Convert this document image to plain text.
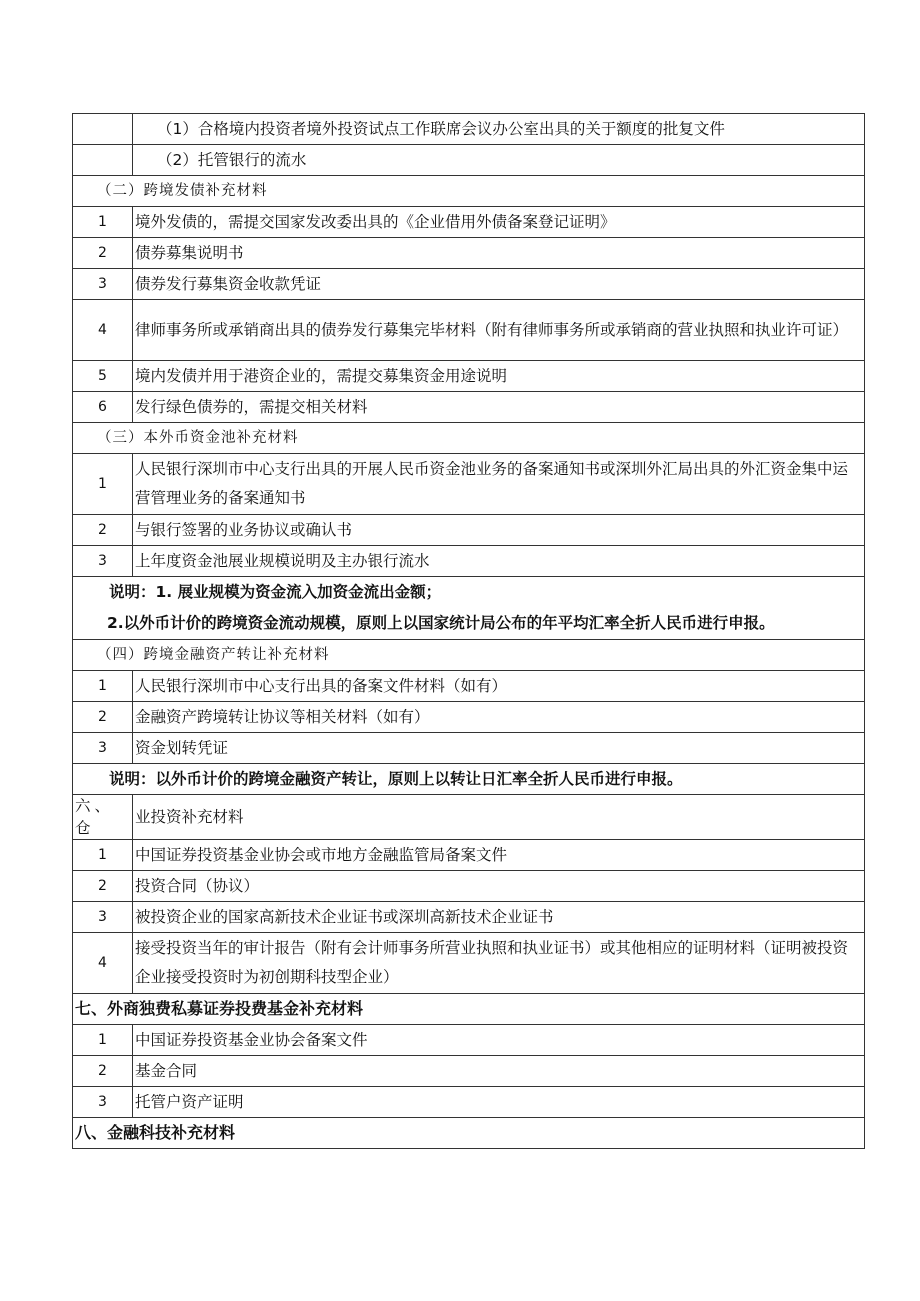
	（1）合格境内投资者境外投资试点工作联席会议办公室出具的关于额度的批复文件
	（2）托管银行的流水
（二）跨境发债补充材料	
1	境外发债的，需提交国家发改委出具的《企业借用外债备案登记证明》
2	债券募集说明书
3	债券发行募集资金收款凭证
4	律师事务所或承销商出具的债券发行募集完毕材料（附有律师事务所或承销商的营业执照和执业许可证）
5	境内发债并用于港资企业的，需提交募集资金用途说明
6	发行绿色债券的，需提交相关材料
（三）本外币资金池补充材料	
1	人民银行深圳市中心支行出具的开展人民币资金池业务的备案通知书或深圳外汇局出具的外汇资金集中运营管理业务的备案通知书
2	与银行签署的业务协议或确认书
3	上年度资金池展业规模说明及主办银行流水

说明：1. 展业规模为资金流入加资金流出金额；
2.以外币计价的跨境资金流动规模，原则上以国家统计局公布的年平均汇率全折人民币进行申报。	

（四）跨境金融资产转让补充材料	
1	人民银行深圳市中心支行出具的备案文件材料（如有）
2	金融资产跨境转让协议等相关材料（如有）
3	资金划转凭证
说明：以外币计价的跨境金融资产转让，原则上以转让日汇率全折人民币进行申报。	
六、仓	业投资补充材料
1	中国证券投资基金业协会或市地方金融监管局备案文件
2	投资合同（协议）
3	被投资企业的国家高新技术企业证书或深圳高新技术企业证书
4	接受投资当年的审计报告（附有会计师事务所营业执照和执业证书）或其他相应的证明材料（证明被投资企业接受投资时为初创期科技型企业）
七、外商独费私募证券投费基金补充材料	
1	中国证券投资基金业协会备案文件
2	基金合同
3	托管户资产证明
八、金融科技补充材料	
